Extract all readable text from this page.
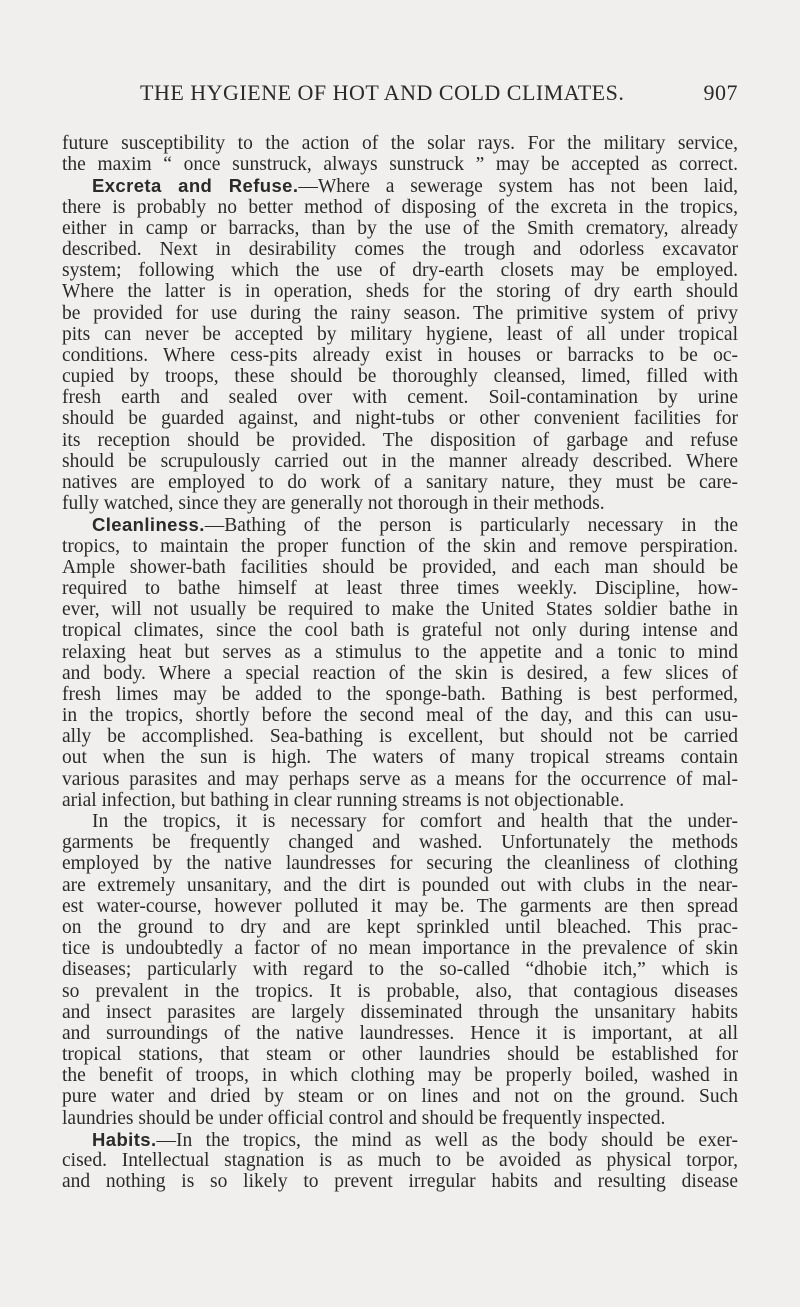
THE HYGIENE OF HOT AND COLD CLIMATES.	907
future susceptibility to the action of the solar rays. For the military service,
the maxim “ once sunstruck, always sunstruck ” may be accepted as correct.
Excreta and Refuse.—Where a sewerage system has not been laid,
there is probably no better method of disposing of the excreta in the tropics,
either in camp or barracks, than by the use of the Smith crematory, already
described. Next in desirability comes the trough and odorless excavator
system; following which the use of dry-earth closets may be employed.
Where the latter is in operation, sheds for the storing of dry earth should
be provided for use during the rainy season. The primitive system of privy
pits can never be accepted by military hygiene, least of all under tropical
conditions. Where cess-pits already exist in houses or barracks to be oc-
cupied by troops, these should be thoroughly cleansed, limed, filled with
fresh earth and sealed over with cement. Soil-contamination by urine
should be guarded against, and night-tubs or other convenient facilities for
its reception should be provided. The disposition of garbage and refuse
should be scrupulously carried out in the manner already described. Where
natives are employed to do work of a sanitary nature, they must be care-
fully watched, since they are generally not thorough in their methods.
Cleanliness.—Bathing of the person is particularly necessary in the
tropics, to maintain the proper function of the skin and remove perspiration.
Ample shower-bath facilities should be provided, and each man should be
required to bathe himself at least three times weekly. Discipline, how-
ever, will not usually be required to make the United States soldier bathe in
tropical climates, since the cool bath is grateful not only during intense and
relaxing heat but serves as a stimulus to the appetite and a tonic to mind
and body. Where a special reaction of the skin is desired, a few slices of
fresh limes may be added to the sponge-bath. Bathing is best performed,
in the tropics, shortly before the second meal of the day, and this can usu-
ally be accomplished. Sea-bathing is excellent, but should not be carried
out when the sun is high. The waters of many tropical streams contain
various parasites and may perhaps serve as a means for the occurrence of mal-
arial infection, but bathing in clear running streams is not objectionable.
In the tropics, it is necessary for comfort and health that the under-
garments be frequently changed and washed. Unfortunately the methods
employed by the native laundresses for securing the cleanliness of clothing
are extremely unsanitary, and the dirt is pounded out with clubs in the near-
est water-course, however polluted it may be. The garments are then spread
on the ground to dry and are kept sprinkled until bleached. This prac-
tice is undoubtedly a factor of no mean importance in the prevalence of skin
diseases; particularly with regard to the so-called “dhobie itch,” which is
so prevalent in the tropics. It is probable, also, that contagious diseases
and insect parasites are largely disseminated through the unsanitary habits
and surroundings of the native laundresses. Hence it is important, at all
tropical stations, that steam or other laundries should be established for
the benefit of troops, in which clothing may be properly boiled, washed in
pure water and dried by steam or on lines and not on the ground. Such
laundries should be under official control and should be frequently inspected.
Habits.—In the tropics, the mind as well as the body should be exer-
cised. Intellectual stagnation is as much to be avoided as physical torpor,
and nothing is so likely to prevent irregular habits and resulting disease
